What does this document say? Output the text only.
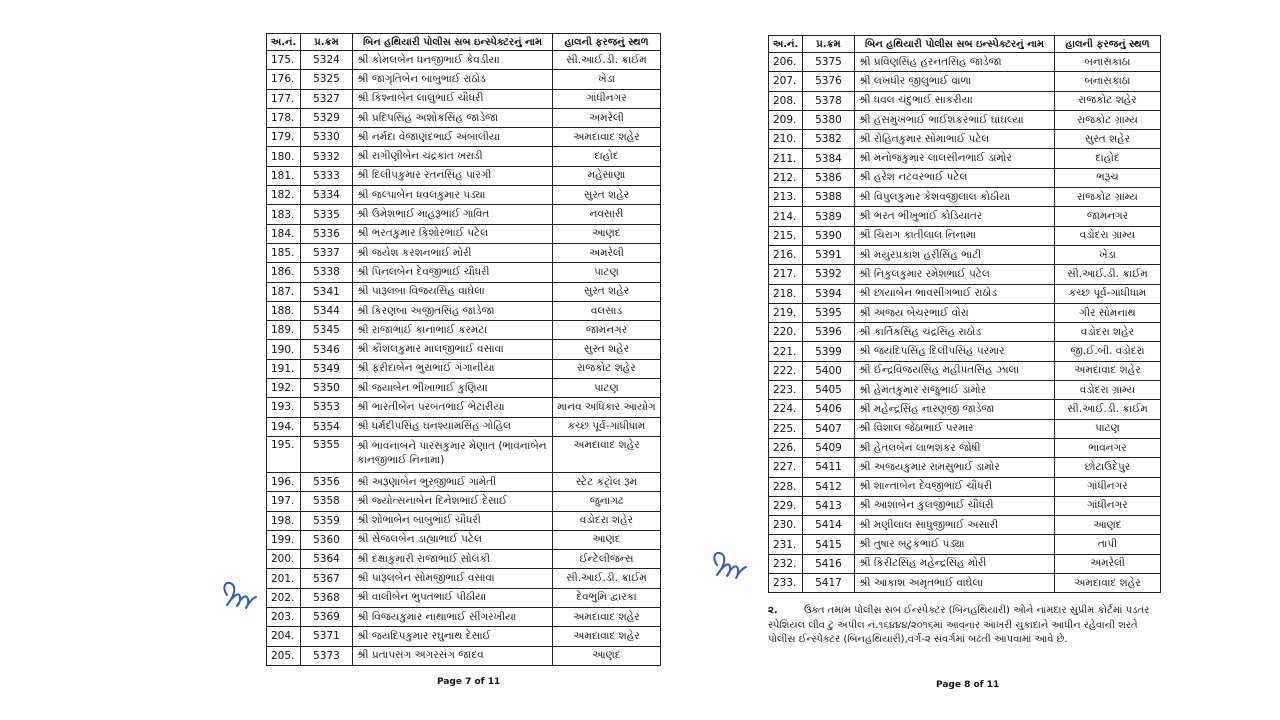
અ.નં.	પ્ર.ક્રમ	બિન હથિયારી પોલીસ સબ ઇન્સ્પેક્ટરનું નામ	હાલની ફરજનું સ્થળ
175.	5324	શ્રી કોમલબેન ધનજીભાઈ કેવડીયા	સી.આઈ.ડી. ક્રાઈમ
176.	5325	શ્રી જાગૃતિબેન બાબુભાઈ રાઠોડ	ખેડા
177.	5327	શ્રી કિશ્નાબેન લાલુભાઈ ચૌધરી	ગાંધીનગર
178.	5329	શ્રી પ્રદિપસિંહ અશોકસિંહ જાડેજા	અમરેલી
179.	5330	શ્રી નર્મદા વેજાણંદભાઈ અંબાલીયા	અમદાવાદ શહેર
180.	5332	શ્રી રાગીણીબેન ચંદ્રકાંત ખરાડી	દાહોદ
181.	5333	શ્રી દિલીપકુમાર રતનસિંહ પારગી	મહેસાણા
182.	5334	શ્રી જલ્પાબેન ધવલકુમાર પંડ્યા	સુરત શહેર
183.	5335	શ્રી ઉમેશભાઈ માહરૂભાઈ ગાવિત	નવસારી
184.	5336	શ્રી ભરતકુમાર કિશોરભાઈ પટેલ	આણંદ
185.	5337	શ્રી જયેશ કરશનભાઈ મોરી	અમરેલી
186.	5338	શ્રી પિનલબેન દેવજીભાઈ ચૌધરી	પાટણ
187.	5341	શ્રી પારૂલબા વિજયસિંહ વાઘેલા	સુરત શહેર
188.	5344	શ્રી કિરણબા અજીતસિંહ જાડેજા	વલસાડ
189.	5345	શ્રી રાજાભાઈ કાનાભાઈ કરમટા	જામનગર
190.	5346	શ્રી કૌશલકુમાર માલજીભાઈ વસાવા	સુરત શહેર
191.	5349	શ્રી ફરીદાબેન ભુરાભાઈ ગંગાનીયા	રાજકોટ શહેર
192.	5350	શ્રી જયાબેન ભીખાભાઈ કુણિયા	પાટણ
193.	5353	શ્રી ભારતીબેન પરબતભાઈ ભેટારીયા	માનવ અધિકાર આયોગ
194.	5354	શ્રી ધર્મદીપસિંહ ઘનશ્યામસિંહ ગોહિલ	કચ્છ પૂર્વ-ગાંધીધામ
195.	5355	શ્રી ભાવનાબને પારસકુમાર મેણાત (ભાવનાબેન કાનજીભાઈ નિનામા)	અમદાવાદ શહેર
196.	5356	શ્રી અરૂણાબેન ભુરજીભાઈ ગામેતી	સ્ટેટ કંટ્રોલ રૂમ
197.	5358	શ્રી જ્યોત્સનાબેન દિનેશભાઈ દેસાઈ	જુનાગઢ
198.	5359	શ્રી શોભાબેન બાબુભાઈ ચૌધરી	વડોદરા શહેર
199.	5360	શ્રી સેજલબેન ડાહ્યાભાઈ પટેલ	આણંદ
200.	5364	શ્રી દક્ષાકુમારી રાજાભાઈ સોલંકી	ઈન્ટેલીજન્સ
201.	5367	શ્રી પારૂલબેન સોમજીભાઈ વસાવા	સી.આઈ.ડી. ક્રાઈમ
202.	5368	શ્રી વાલીબેન ભુપતભાઈ પીઠીયા	દેવભુમિ દ્વારકા
203.	5369	શ્રી વિજયકુમાર નાથાભાઈ સીંગરખીયા	અમદાવાદ શહેર
204.	5371	શ્રી જયદિપકુમાર રઘુનાથ દેસાઈ	અમદાવાદ શહેર
205.	5373	શ્રી પ્રતાપસંગ અગરસંગ જાદવ	આણંદ
Page 7 of 11
અ.નં.	પ્ર.ક્રમ	બિન હથિયારી પોલીસ સબ ઇન્સ્પેક્ટરનું નામ	હાલની ફરજનું સ્થળ
206.	5375	શ્રી પ્રવિણસિંહ હરનતસિંહ જાડેજા	બનાસકાંઠા
207.	5376	શ્રી લખધીર જીલુભાઈ વાળા	બનાસકાંઠા
208.	5378	શ્રી ધવલ ચંદુભાઈ સાકરીયા	રાજકોટ શહેર
209.	5380	શ્રી હસમુખભાઈ ભાઈશંકરભાઈ ઘાંઘલ્યા	રાજકોટ ગ્રામ્ય
210.	5382	શ્રી રોહિતકુમાર સોમાભાઈ પટેલ	સુરત શહેર
211.	5384	શ્રી મનોજકુમાર લાલસીનભાઈ ડામોર	દાહોદ
212.	5386	શ્રી હરેશ નટવરભાઈ પટેલ	ભરૂચ
213.	5388	શ્રી વિપુલકુમાર કેશવજીલાલ કોઠીયા	રાજકોટ ગ્રામ્ય
214.	5389	શ્રી ભરત ભીખુભાઈ કોડિયાતર	જામનગર
215.	5390	શ્રી ચિરાગ કાંતીલાલ નિનામા	વડોદરા ગ્રામ્ય
216.	5391	શ્રી મયુરપ્રકાશ હરીસિંહ ભાટી	ખેડા
217.	5392	શ્રી નિકુલકુમાર રમેશભાઈ પટેલ	સી.આઈ.ડી. ક્રાઈમ
218.	5394	શ્રી છાયાબેન ભાવસીંગભાઈ રાઠોડ	કચ્છ પૂર્વ-ગાંધીધામ
219.	5395	શ્રી અજય બેચરભાઈ વોરા	ગીર સોમનાથ
220.	5396	શ્રી કાર્તિકસિંહ ચંદ્રસિંહ રાઠોડ	વડોદરા શહેર
221.	5399	શ્રી જયદિપસિંહ દિલીપસિંહ પરમાર	જી.ઈ.બી. વડોદરા
222.	5400	શ્રી ઈન્દ્રવિજયસિંહ મહીપતસિંહ ઝાલા	અમદાવાદ શહેર
223.	5405	શ્રી હેમંતકુમાર રાજુભાઈ ડામોર	વડોદરા ગ્રામ્ય
224.	5406	શ્રી મહેન્દ્રસિંહ નારણજી જાડેજા	સી.આઈ.ડી. ક્રાઈમ
225.	5407	શ્રી વિશાલ જેઠાભાઈ પરમાર	પાટણ
226.	5409	શ્રી હેતલબેન લાભશંકર જોષી	ભાવનગર
227.	5411	શ્રી અજયકુમાર રામસુભાઈ ડામોર	છોટાઉદેપુર
228.	5412	શ્રી શાન્તાબેન દેવજીભાઈ ચૌધરી	ગાંધીનગર
229.	5413	શ્રી આશાબેન કુલજીભાઈ ચૌધરી	ગાંધીનગર
230.	5414	શ્રી મણીલાલ સાધુજીભાઈ અસારી	આણંદ
231.	5415	શ્રી તુષાર બટુકભાઈ પંડ્યા	તાપી
232.	5416	શ્રી કિરીટસિંહ મહેન્દ્રસિંહ મોરી	અમરેલી
233.	5417	શ્રી આકાશ અમૃતભાઈ વાઘેલા	અમદાવાદ શહેર
૨.	ઉક્ત તમામ પોલીસ સબ ઈન્સ્પેક્ટર (બિનહથિયારી) ઓને નામદાર સુપ્રીમ કોર્ટમાં પડતર સ્પેશિયલ લીવ ટુ અપીલ નં.૧૬૪૪૪/૨૦૧૬માં આવનાર આખરી ચુકાદાને આધીન રહેવાની શરતે પોલીસ ઈન્સ્પેક્ટર (બિનહથિયારી),વર્ગ-૨ સંવર્ગમાં બઢતી આપવામાં આવે છે.
Page 8 of 11
